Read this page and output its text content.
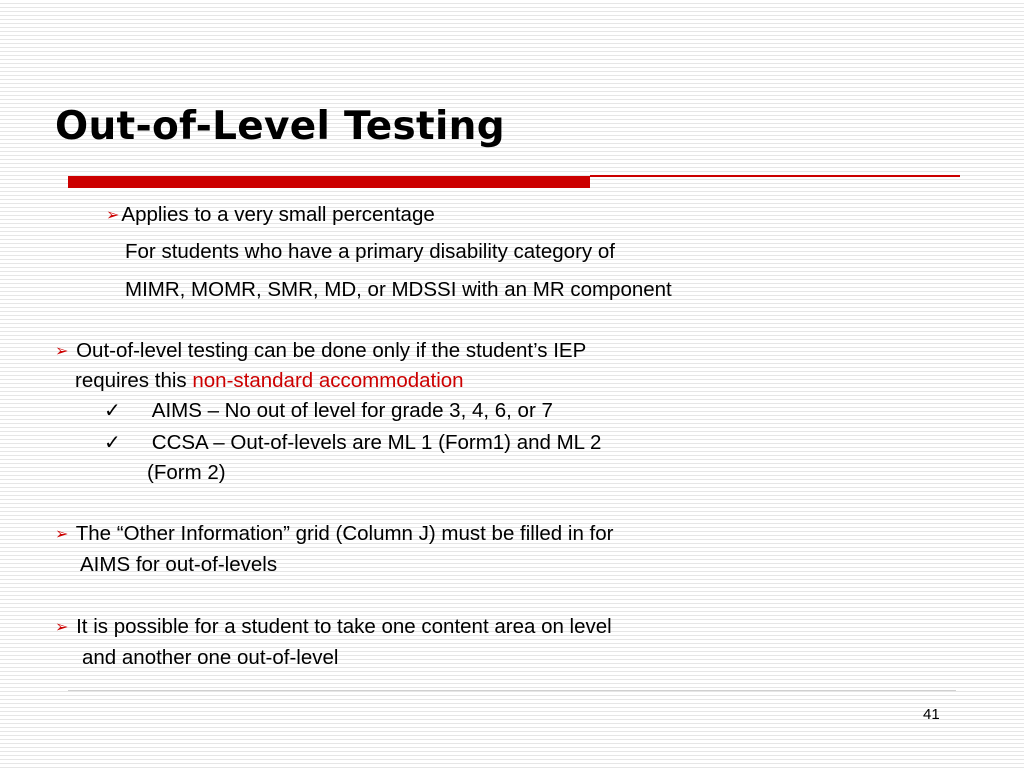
Out-of-Level Testing
➢Applies to a very small percentage
For students who have a primary disability category of
MIMR, MOMR, SMR, MD, or MDSSI with an MR component
➢ Out-of-level testing can be done only if the student’s IEP
requires this non-standard accommodation
✓ AIMS – No out of level for grade 3, 4, 6, or 7
✓ CCSA – Out-of-levels are ML 1 (Form1) and ML 2
(Form 2)
➢ The “Other Information” grid (Column J) must be filled in for
AIMS for out-of-levels
➢ It is possible for a student to take one content area on level
and another one out-of-level
41
